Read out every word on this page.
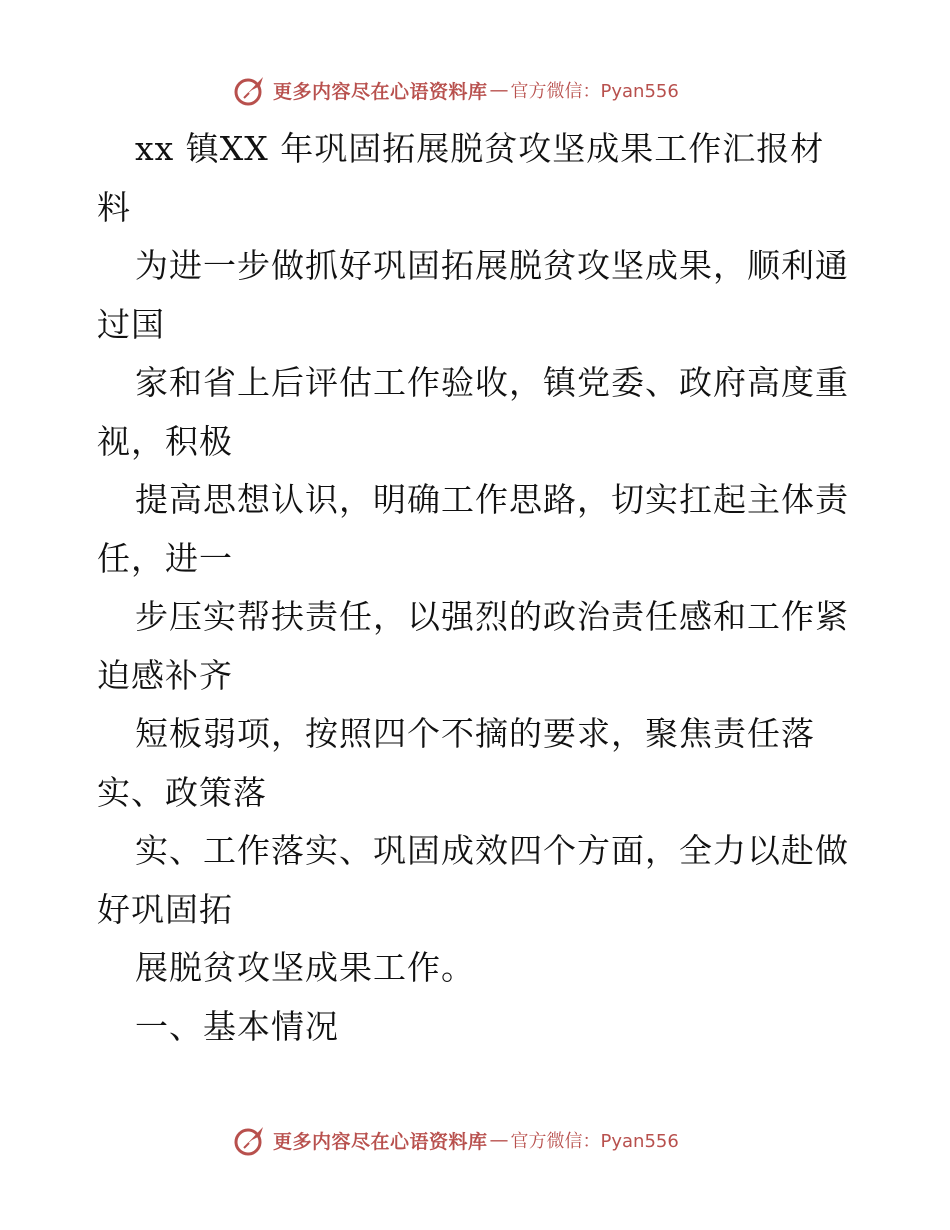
更多内容尽在心语资料库 — 官方微信：Pyan556
xx 镇XX 年巩固拓展脱贫攻坚成果工作汇报材
料
为进一步做抓好巩固拓展脱贫攻坚成果，顺利通
过国
家和省上后评估工作验收，镇党委、政府高度重
视，积极
提高思想认识，明确工作思路，切实扛起主体责
任，进一
步压实帮扶责任，以强烈的政治责任感和工作紧
迫感补齐
短板弱项，按照四个不摘的要求，聚焦责任落
实、政策落
实、工作落实、巩固成效四个方面，全力以赴做
好巩固拓
展脱贫攻坚成果工作。
一、基本情况
更多内容尽在心语资料库 — 官方微信：Pyan556
